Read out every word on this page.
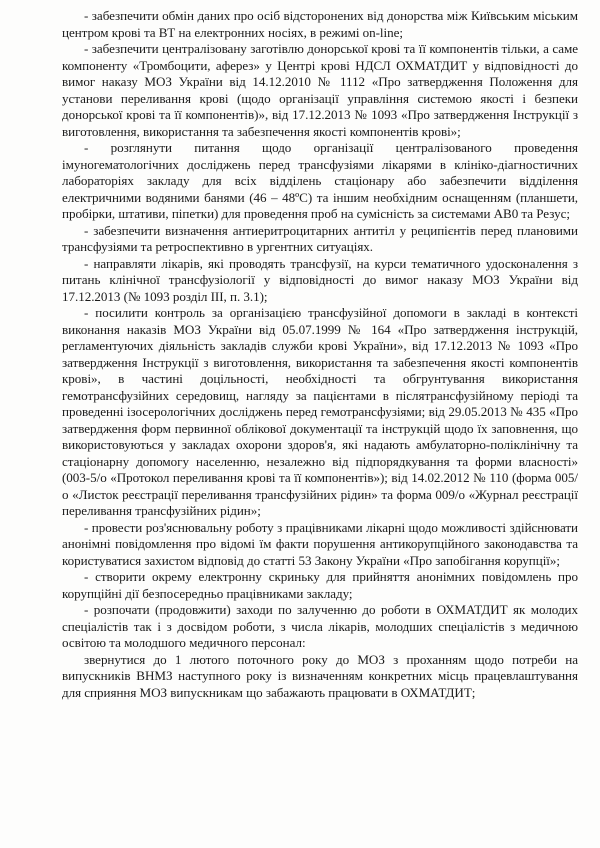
- забезпечити обмін даних про осіб відсторонених від донорства між Київським міським центром крові та ВТ на електронних носіях, в режимі on-line;

- забезпечити централізовану заготівлю донорської крові та її компонентів тільки, а саме компоненту «Тромбоцити, аферез» у Центрі крові НДСЛ ОХМАТДИТ у відповідності до вимог наказу МОЗ України від 14.12.2010 № 1112 «Про затвердження Положення для установи переливання крові (щодо організації управління системою якості і безпеки донорської крові та її компонентів)», від 17.12.2013 № 1093 «Про затвердження Інструкції з виготовлення, використання та забезпечення якості компонентів крові»;

- розглянути питання щодо організації централізованого проведення імуногематологічних досліджень перед трансфузіями лікарями в клініко-діагностичних лабораторіях закладу для всіх відділень стаціонару або забезпечити відділення електричними водяними банями (46 – 48ºC) та іншим необхідним оснащенням (планшети, пробірки, штативи, піпетки) для проведення проб на сумісність за системами АВ0 та Резус;

- забезпечити визначення антиеритроцитарних антитіл у реципієнтів перед плановими трансфузіями та ретроспективно в ургентних ситуаціях.

- направляти лікарів, які проводять трансфузії, на курси тематичного удосконалення з питань клінічної трансфузіології у відповідності до вимог наказу МОЗ України від 17.12.2013 (№ 1093 розділ ІІІ, п. 3.1);

- посилити контроль за організацією трансфузійної допомоги в закладі в контексті виконання наказів МОЗ України від 05.07.1999 № 164 «Про затвердження інструкцій, регламентуючих діяльність закладів служби крові України», від 17.12.2013 № 1093 «Про затвердження Інструкції з виготовлення, використання та забезпечення якості компонентів крові», в частині доцільності, необхідності та обгрунтування використання гемотрансфузійних середовищ, нагляду за пацієнтами в післятрансфузійному періоді та проведенні ізосерологічних досліджень перед гемотрансфузіями; від 29.05.2013 № 435 «Про затвердження форм первинної облікової документації та інструкцій щодо їх заповнення, що використовуються у закладах охорони здоров'я, які надають амбулаторно-поліклінічну та стаціонарну допомогу населенню, незалежно від підпорядкування та форми власності» (003-5/о «Протокол переливання крові та її компонентів»); від 14.02.2012 № 110 (форма 005/о «Листок реєстрації переливання трансфузійних рідин» та форма 009/о «Журнал реєстрації переливання трансфузійних рідин»;

- провести роз'яснювальну роботу з працівниками лікарні щодо можливості здійснювати анонімні повідомлення про відомі їм факти порушення антикорупційного законодавства та користуватися захистом відповід до статті 53 Закону України «Про запобігання корупції»;

- створити окрему електронну скриньку для прийняття анонімних повідомлень про корупційні дії безпосередньо працівниками закладу;

- розпочати (продовжити) заходи по залученню до роботи в ОХМАТДИТ як молодих спеціалістів так і з досвідом роботи, з числа лікарів, молодших спеціалістів з медичною освітою та молодшого медичного персонал:

звернутися до 1 лютого поточного року до МОЗ з проханням щодо потреби на випускників ВНМЗ наступного року із визначенням конкретних місць працевлаштування для сприяння МОЗ випускникам що забажають працювати в ОХМАТДИТ;
